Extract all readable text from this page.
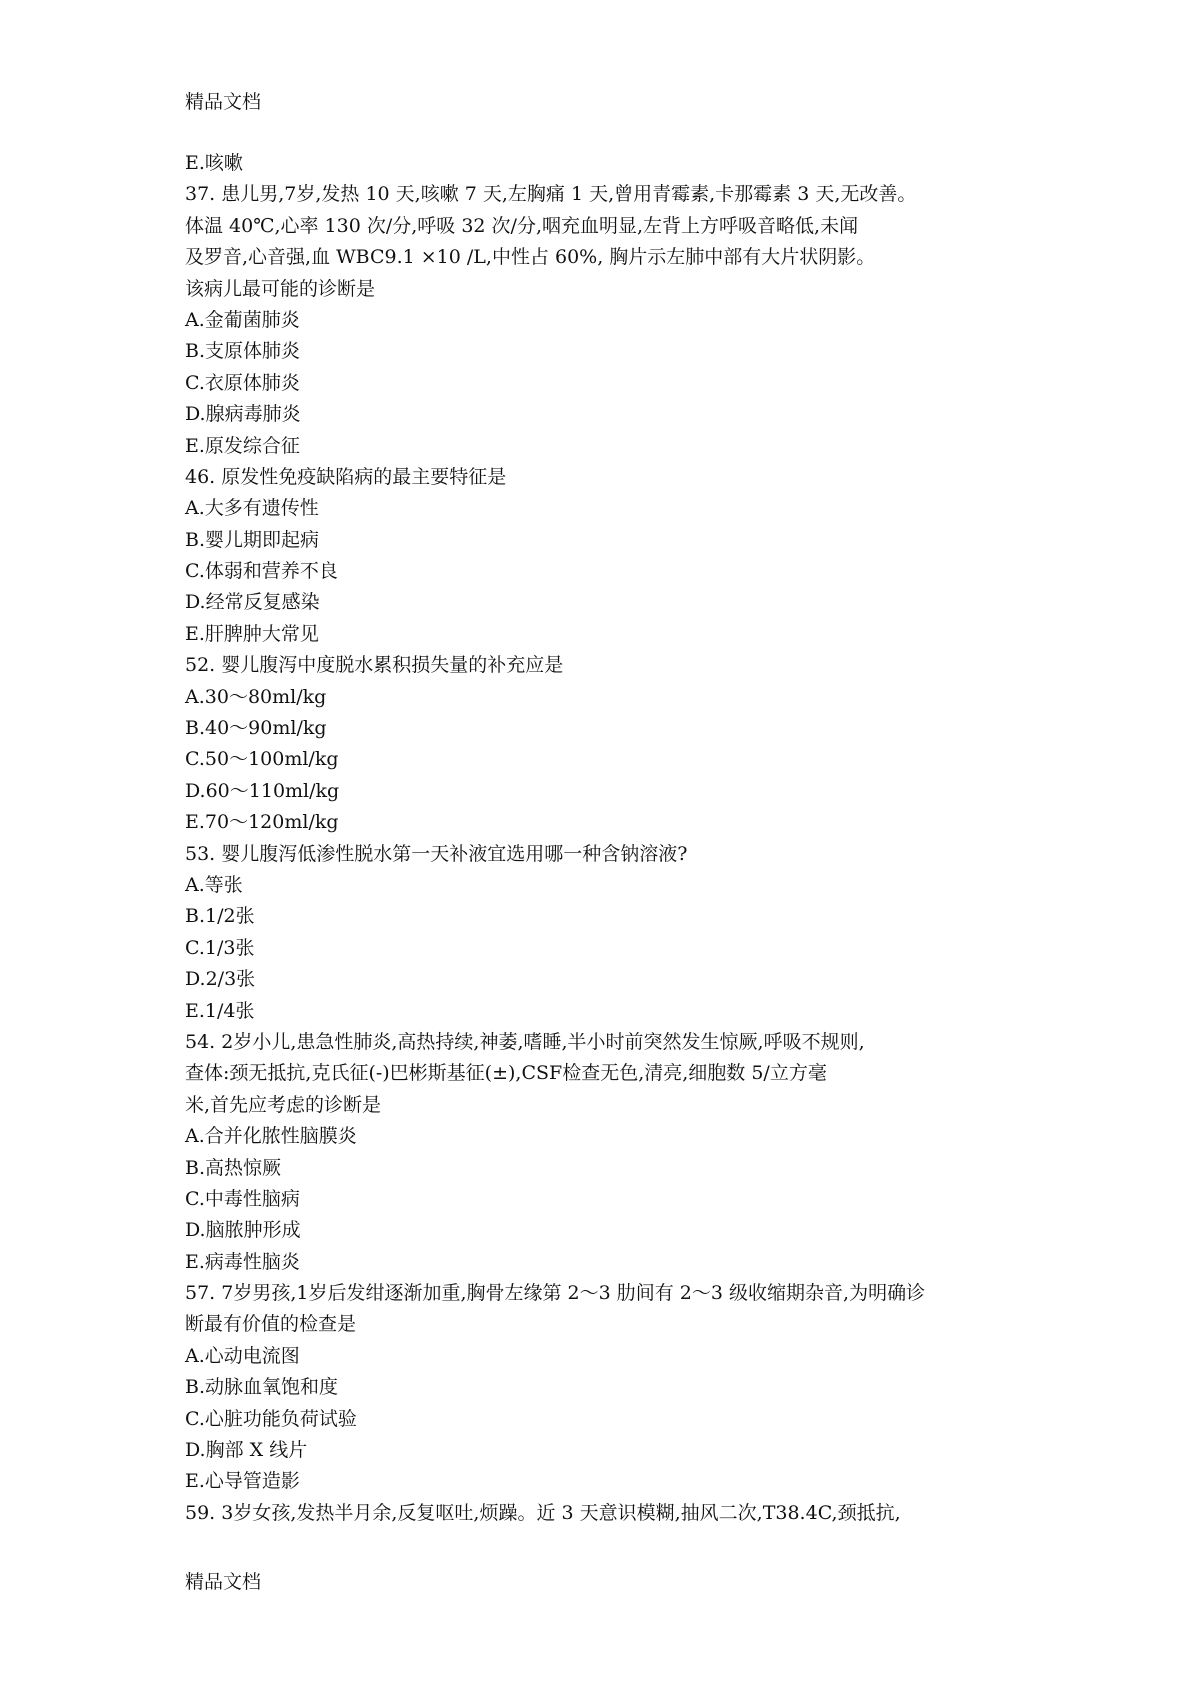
精品文档
E.咳嗽
37. 患儿男,7岁,发热 10 天,咳嗽 7 天,左胸痛 1 天,曾用青霉素,卡那霉素 3 天,无改善。
体温 40℃,心率 130 次/分,呼吸 32 次/分,咽充血明显,左背上方呼吸音略低,未闻
及罗音,心音强,血 WBC9.1 ×10 /L,中性占 60%, 胸片示左肺中部有大片状阴影。
该病儿最可能的诊断是
A.金葡菌肺炎
B.支原体肺炎
C.衣原体肺炎
D.腺病毒肺炎
E.原发综合征
46. 原发性免疫缺陷病的最主要特征是
A.大多有遗传性
B.婴儿期即起病
C.体弱和营养不良
D.经常反复感染
E.肝脾肿大常见
52. 婴儿腹泻中度脱水累积损失量的补充应是
A.30～80ml/kg
B.40～90ml/kg
C.50～100ml/kg
D.60～110ml/kg
E.70～120ml/kg
53. 婴儿腹泻低渗性脱水第一天补液宜选用哪一种含钠溶液?
A.等张
B.1/2张
C.1/3张
D.2/3张
E.1/4张
54. 2岁小儿,患急性肺炎,高热持续,神萎,嗜睡,半小时前突然发生惊厥,呼吸不规则,
查体:颈无抵抗,克氏征(-)巴彬斯基征(±),CSF检查无色,清亮,细胞数 5/立方毫
米,首先应考虑的诊断是
A.合并化脓性脑膜炎
B.高热惊厥
C.中毒性脑病
D.脑脓肿形成
E.病毒性脑炎
57. 7岁男孩,1岁后发绀逐渐加重,胸骨左缘第 2～3 肋间有 2～3 级收缩期杂音,为明确诊
断最有价值的检查是
A.心动电流图
B.动脉血氧饱和度
C.心脏功能负荷试验
D.胸部 X 线片
E.心导管造影
59. 3岁女孩,发热半月余,反复呕吐,烦躁。近 3 天意识模糊,抽风二次,T38.4C,颈抵抗,
精品文档
